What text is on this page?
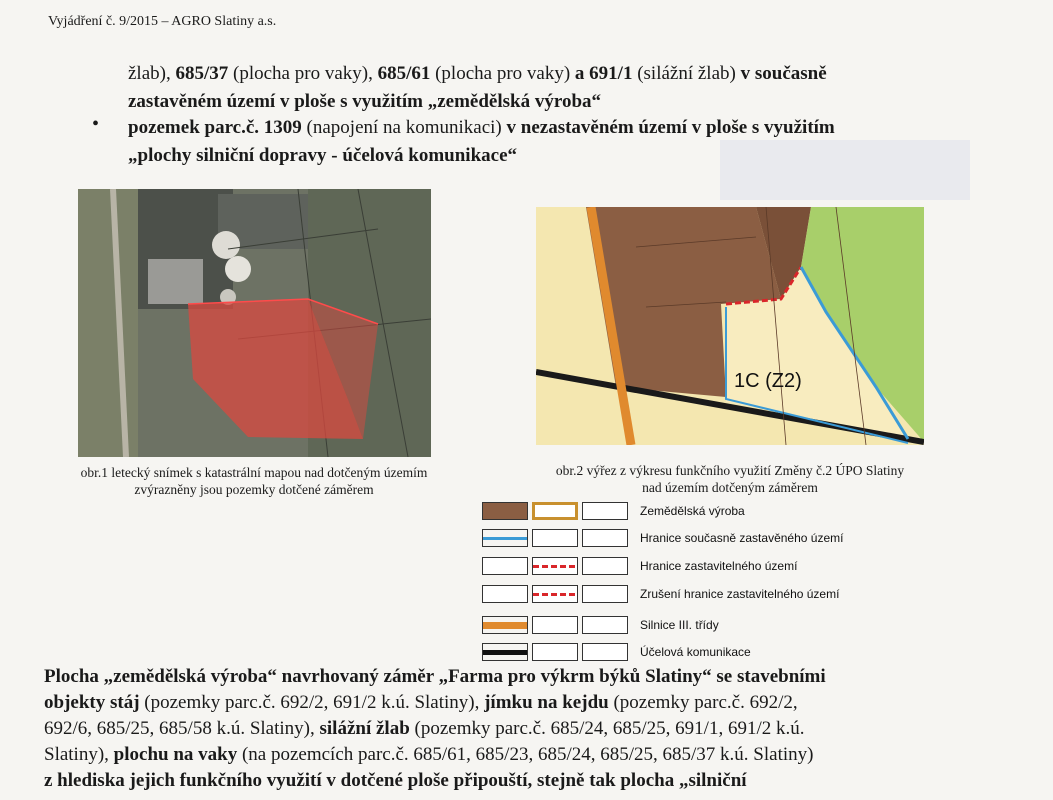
Vyjádření č. 9/2015 – AGRO Slatiny a.s.
žlab), 685/37 (plocha pro vaky), 685/61 (plocha pro vaky) a 691/1 (silážní žlab) v současně
zastavěném území v ploše s využitím „zemědělská výroba“
• pozemek parc.č. 1309 (napojení na komunikaci) v nezastavěném území v ploše s využitím
„plochy silniční dopravy - účelová komunikace“
obr.1 letecký snímek s katastrální mapou nad dotčeným územím
zvýrazněny jsou pozemky dotčené záměrem
1C (Z2)
obr.2 výřez z výkresu funkčního využití Změny č.2 ÚPO Slatiny
nad územím dotčeným záměrem
Zemědělská výroba
Hranice současně zastavěného území
Hranice zastavitelného území
Zrušení hranice zastavitelného území
Silnice III. třídy
Účelová komunikace
Plocha „zemědělská výroba“ navrhovaný záměr „Farma pro výkrm býků Slatiny“ se stavebními
objekty stáj (pozemky parc.č. 692/2, 691/2 k.ú. Slatiny), jímku na kejdu (pozemky parc.č. 692/2,
692/6, 685/25, 685/58 k.ú. Slatiny), silážní žlab (pozemky parc.č. 685/24, 685/25, 691/1, 691/2 k.ú.
Slatiny), plochu na vaky (na pozemcích parc.č. 685/61, 685/23, 685/24, 685/25, 685/37 k.ú. Slatiny)
z hlediska jejich funkčního využití v dotčené ploše připouští, stejně tak plocha „silniční
